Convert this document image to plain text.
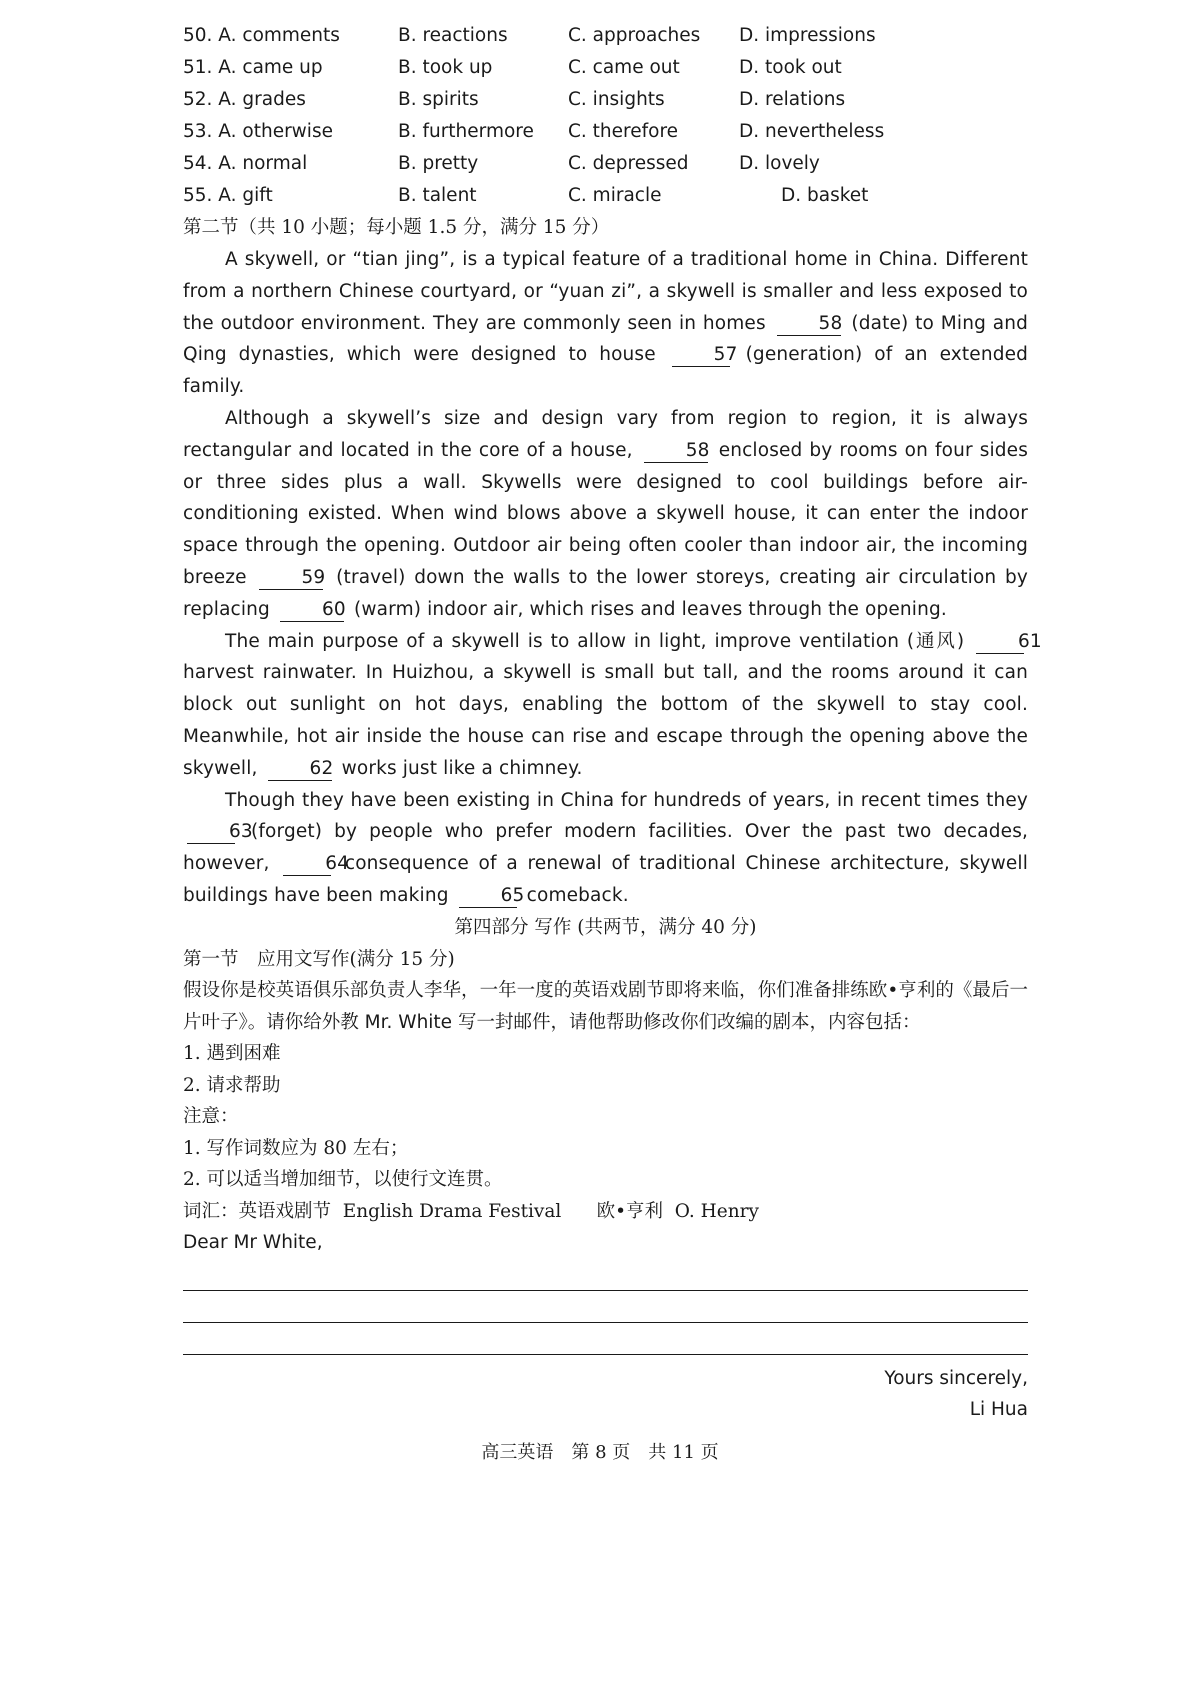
50. A. comments	B. reactions	C. approaches D. impressions
51. A. came up	B. took up	C. came out	D. took out
52. A. grades	B. spirits	C. insights	D. relations
53. A. otherwise	B. furthermore C. therefore	D. nevertheless
54. A. normal	B. pretty	C. depressed	D. lovely
55. A. gift	B. talent	C. miracle	D. basket
第二节（共 10 小题；每小题 1.5 分，满分 15 分）

A skywell, or “tian jing”, is a typical feature of a traditional home in China. Different from a northern Chinese courtyard, or “yuan zi”, a skywell is smaller and less exposed to the outdoor environment. They are commonly seen in homes	58 (date) to Ming and Qing dynasties, which were designed to house	57 (generation) of an extended family.

Although a skywell’s size and design vary from region to region, it is always rectangular and located in the core of a house,	58 enclosed by rooms on four sides or three sides plus a wall. Skywells were designed to cool buildings before air-conditioning existed. When wind blows above a skywell house, it can enter the indoor space through the opening. Outdoor air being often cooler than indoor air, the incoming breeze	59 (travel) down the walls to the lower storeys, creating air circulation by replacing	60 (warm) indoor air, which rises and leaves through the opening.

The main purpose of a skywell is to allow in light, improve ventilation (通风)	61 harvest rainwater. In Huizhou, a skywell is small but tall, and the rooms around it can block out sunlight on hot days, enabling the bottom of the skywell to stay cool. Meanwhile, hot air inside the house can rise and escape through the opening above the skywell,	62 works just like a chimney.

Though they have been existing in China for hundreds of years, in recent times they 63 (forget) by people who prefer modern facilities. Over the past two decades, however,	64 consequence of a renewal of traditional Chinese architecture, skywell buildings have been making	65 comeback.

第四部分 写作 (共两节，满分 40 分)
第一节　应用文写作(满分 15 分)
假设你是校英语俱乐部负责人李华，一年一度的英语戏剧节即将来临，你们准备排练欧•亨利的《最后一片叶子》。请你给外教 Mr. White 写一封邮件，请他帮助修改你们改编的剧本，内容包括：
1. 遇到困难
2. 请求帮助
注意：
1. 写作词数应为 80 左右；
2. 可以适当增加细节，以使行文连贯。
词汇：英语戏剧节  English Drama Festival      欧•亨利  O. Henry
Dear Mr White,
Yours sincerely,
Li Hua
高三英语　第 8 页　共 11 页
